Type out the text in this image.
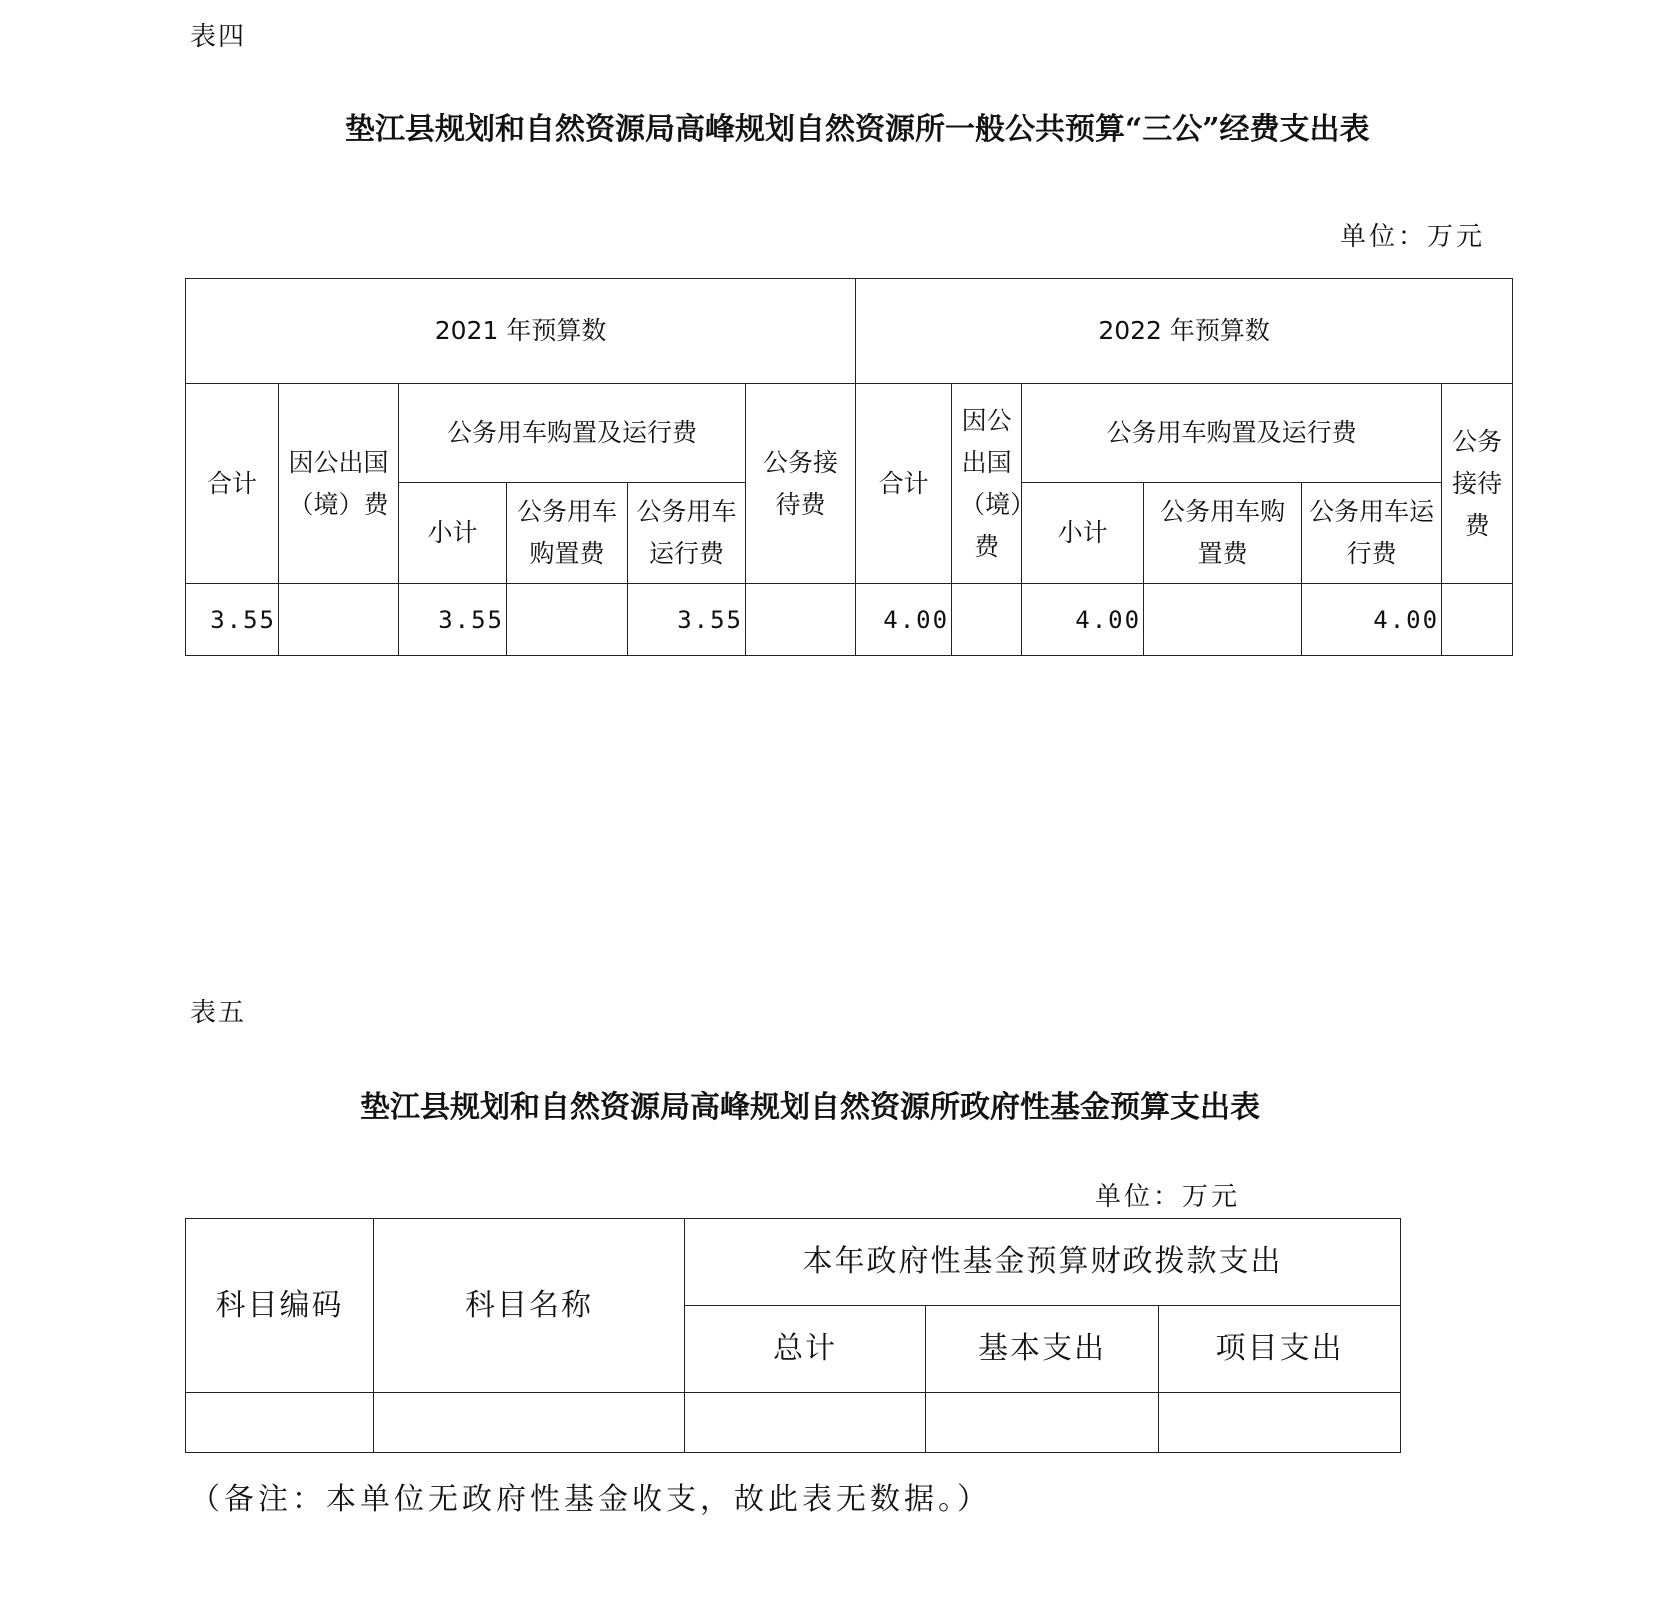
表四
垫江县规划和自然资源局高峰规划自然资源所一般公共预算“三公”经费支出表
单位：万元
2021 年预算数						2022 年预算数					
合计	因公出国（境）费	公务用车购置及运行费			公务接待费	合计	因公出国（境）费	公务用车购置及运行费			公务接待费
		小计	公务用车购置费	公务用车运行费				小计	公务用车购置费	公务用车运行费	
3.55		3.55		3.55		4.00		4.00		4.00	
表五
垫江县规划和自然资源局高峰规划自然资源所政府性基金预算支出表
单位：万元
科目编码	科目名称	本年政府性基金预算财政拨款支出		
		总计	基本支出	项目支出

（备注：本单位无政府性基金收支，故此表无数据。）
